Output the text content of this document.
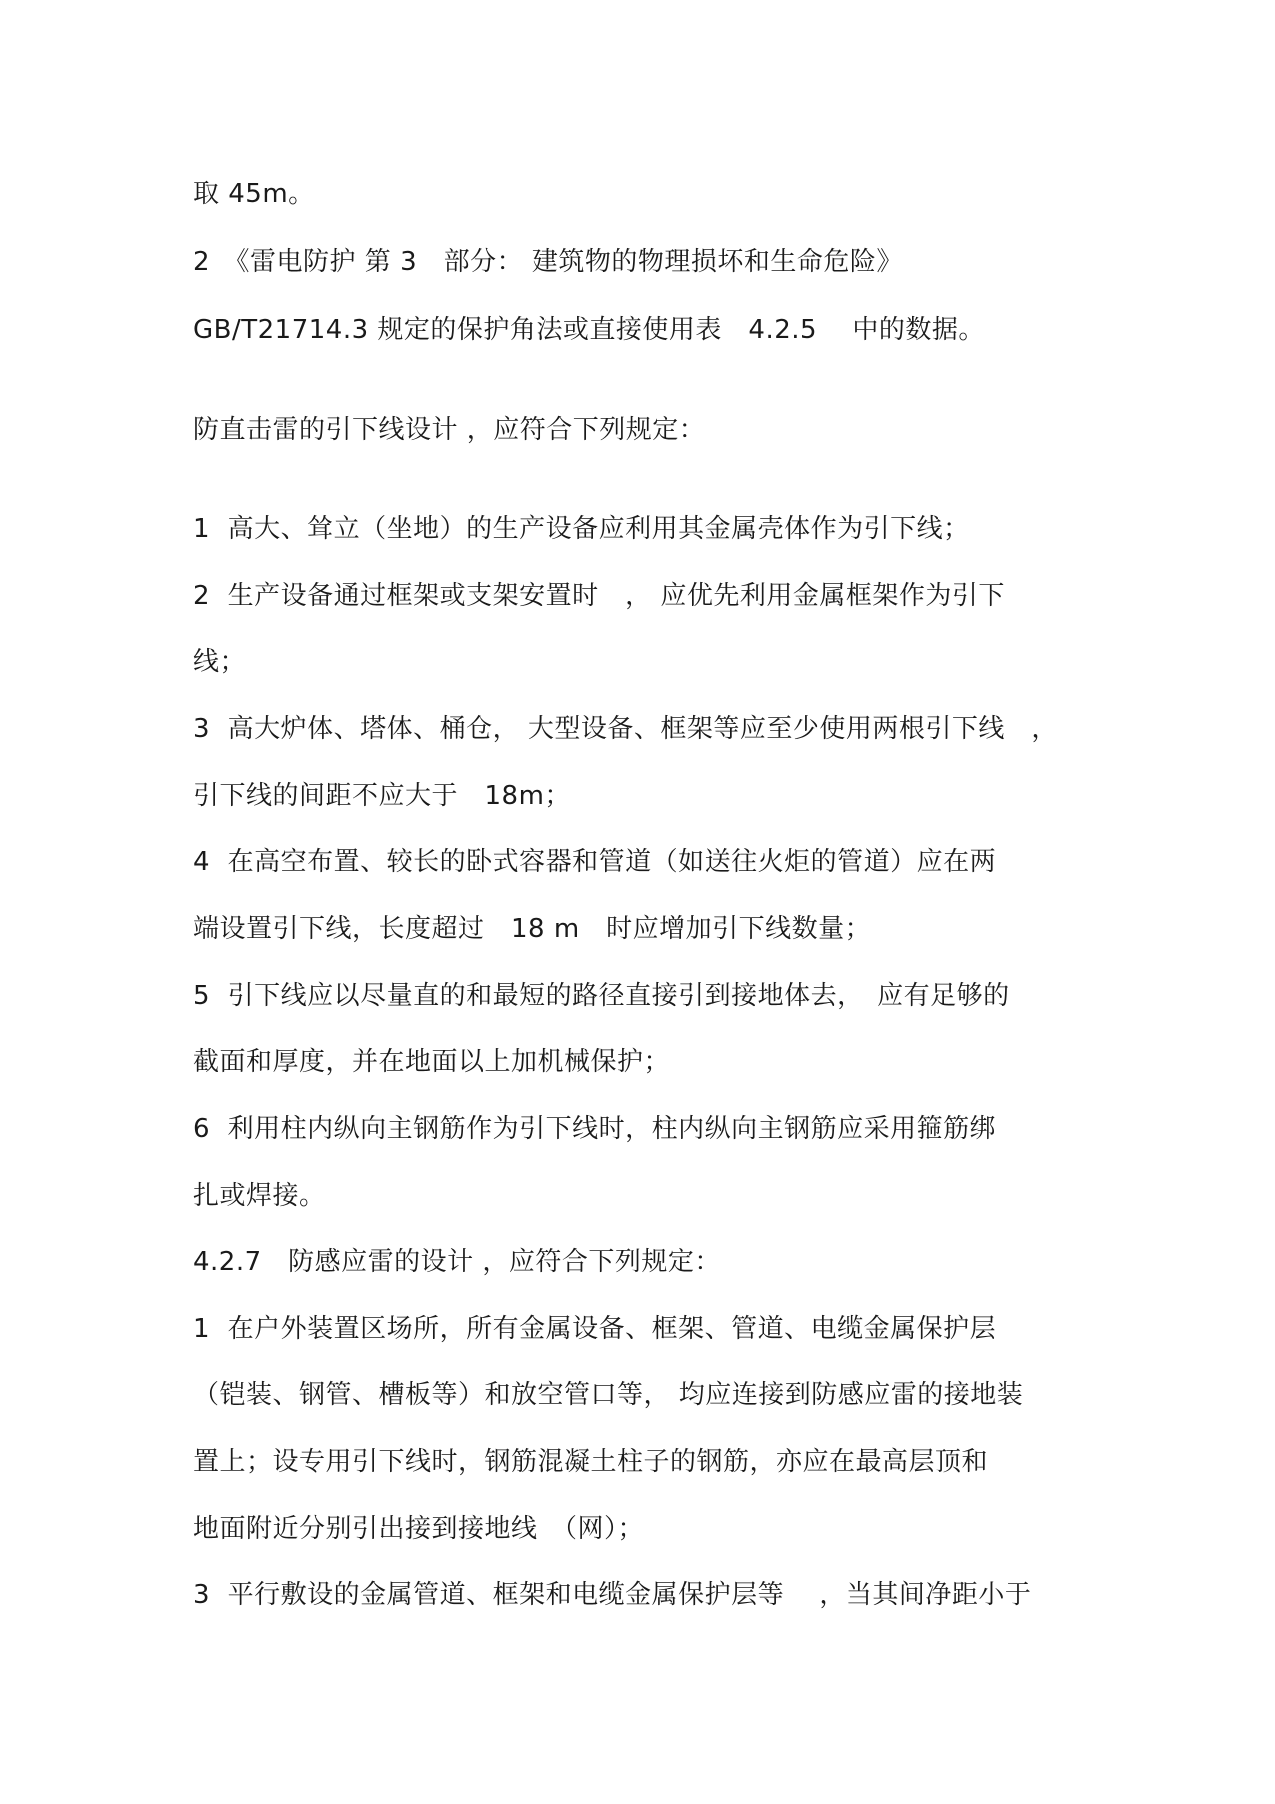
取 45m。
2　《雷电防护 第 3　部分： 建筑物的物理损坏和生命危险》
GB/T21714.3 规定的保护角法或直接使用表　4.2.5　 中的数据。
防直击雷的引下线设计 ，应符合下列规定：
1  高大、耸立（坐地）的生产设备应利用其金属壳体作为引下线；
2  生产设备通过框架或支架安置时　， 应优先利用金属框架作为引下
线；
3  高大炉体、塔体、桶仓， 大型设备、框架等应至少使用两根引下线　，
引下线的间距不应大于　18m；
4  在高空布置、较长的卧式容器和管道（如送往火炬的管道）应在两
端设置引下线，长度超过　18 m　时应增加引下线数量；
5  引下线应以尽量直的和最短的路径直接引到接地体去，　应有足够的
截面和厚度，并在地面以上加机械保护；
6  利用柱内纵向主钢筋作为引下线时，柱内纵向主钢筋应采用箍筋绑
扎或焊接。
4.2.7　防感应雷的设计 ，应符合下列规定：
1  在户外装置区场所，所有金属设备、框架、管道、电缆金属保护层
（铠装、钢管、槽板等）和放空管口等， 均应连接到防感应雷的接地装
置上；设专用引下线时，钢筋混凝土柱子的钢筋，亦应在最高层顶和
地面附近分别引出接到接地线　（网）；
3  平行敷设的金属管道、框架和电缆金属保护层等　 ，当其间净距小于
